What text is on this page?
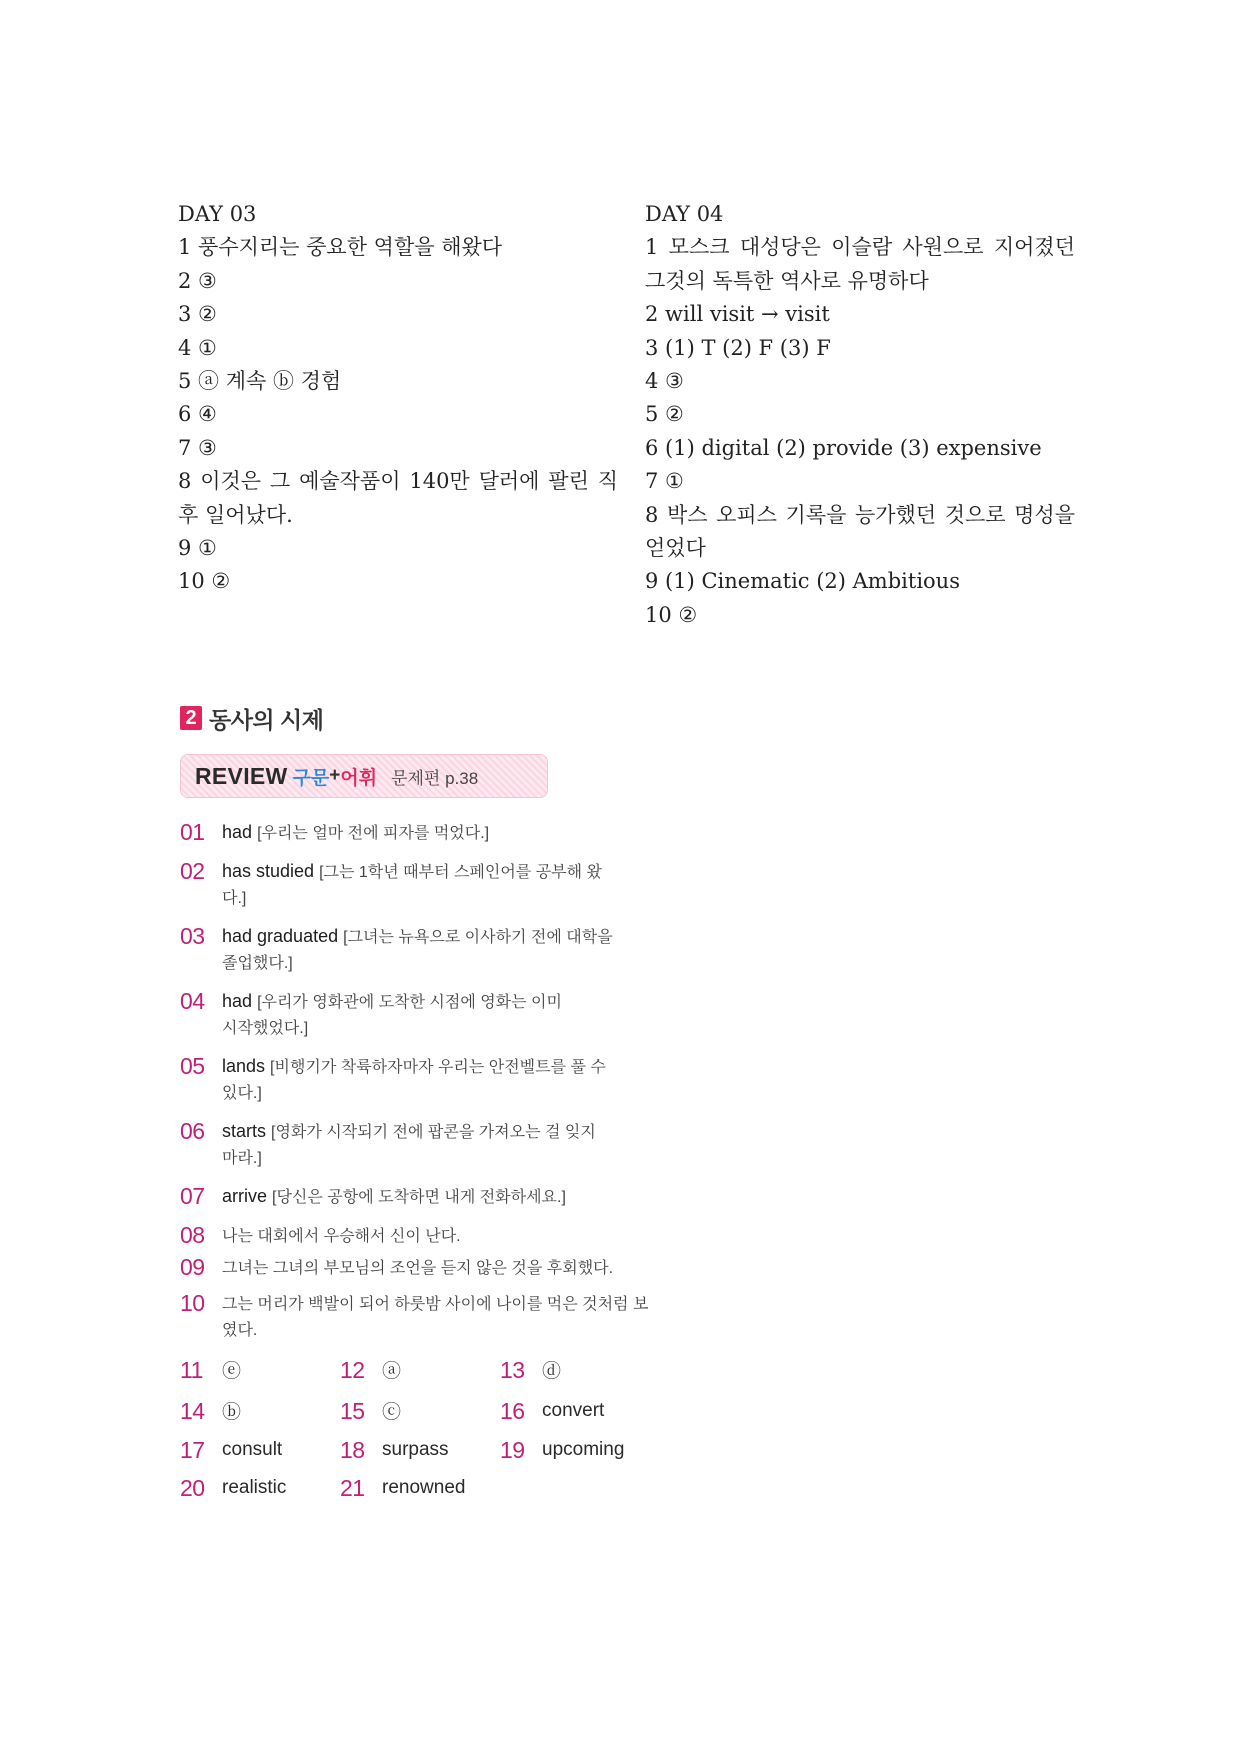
DAY 03
1 풍수지리는 중요한 역할을 해왔다
2 ③
3 ②
4 ①
5 ⓐ 계속 ⓑ 경험
6 ④
7 ③
8 이것은 그 예술작품이 140만 달러에 팔린 직후 일어났다.
9 ①
10 ②
DAY 04
1 모스크 대성당은 이슬람 사원으로 지어졌던 그것의 독특한 역사로 유명하다
2 will visit → visit
3 (1) T (2) F (3) F
4 ③
5 ②
6 (1) digital (2) provide (3) expensive
7 ①
8 박스 오피스 기록을 능가했던 것으로 명성을 얻었다
9 (1) Cinematic (2) Ambitious
10 ②
2 동사의 시제
REVIEW 구문 + 어휘 문제편 p.38
01 had [우리는 얼마 전에 피자를 먹었다.]
02 has studied [그는 1학년 때부터 스페인어를 공부해 왔다.]
03 had graduated [그녀는 뉴욕으로 이사하기 전에 대학을 졸업했다.]
04 had [우리가 영화관에 도착한 시점에 영화는 이미 시작했었다.]
05 lands [비행기가 착륙하자마자 우리는 안전벨트를 풀 수 있다.]
06 starts [영화가 시작되기 전에 팝콘을 가져오는 걸 잊지 마라.]
07 arrive [당신은 공항에 도착하면 내게 전화하세요.]
08	나는 대회에서 우승해서 신이 난다.
09	그녀는 그녀의 부모님의 조언을 듣지 않은 것을 후회했다.
10	그는 머리가 백발이 되어 하룻밤 사이에 나이를 먹은 것처럼 보였다.
11	ⓔ	12 ⓐ	13 ⓓ
14 ⓑ	15 ⓒ	16 convert
17 consult	18 surpass 19 upcoming
20 realistic 21 renowned
